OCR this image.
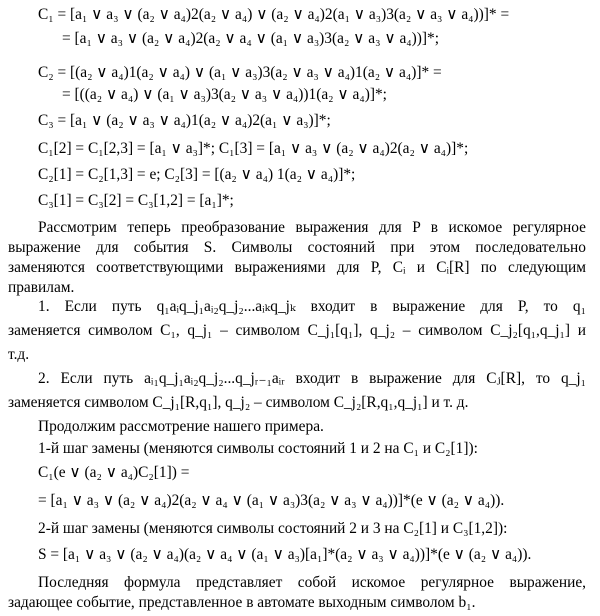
C₁ = [a₁ ∨ a₃ ∨ (a₂ ∨ a₄)2(a₂ ∨ a₄) ∨ (a₂ ∨ a₄)2(a₁ ∨ a₃)3(a₂ ∨ a₃ ∨ a₄))]* =
= [a₁ ∨ a₃ ∨ (a₂ ∨ a₄)2(a₂ ∨ a₄ ∨ (a₁ ∨ a₃)3(a₂ ∨ a₃ ∨ a₄))]*;
C₂ = [(a₂ ∨ a₄)1(a₂ ∨ a₄) ∨ (a₁ ∨ a₃)3(a₂ ∨ a₃ ∨ a₄)1(a₂ ∨ a₄)]* =
= [((a₂ ∨ a₄) ∨ (a₁ ∨ a₃)3(a₂ ∨ a₃ ∨ a₄))1(a₂ ∨ a₄)]*;
C₃ = [a₁ ∨ (a₂ ∨ a₃ ∨ a₄)1(a₂ ∨ a₄)2(a₁ ∨ a₃)]*;
C₁[2] = C₁[2,3] = [a₁ ∨ a₃]*; C₁[3] = [a₁ ∨ a₃ ∨ (a₂ ∨ a₄)2(a₂ ∨ a₄)]*;
C₂[1] = C₂[1,3] = e; C₂[3] = [(a₂ ∨ a₄) 1(a₂ ∨ a₄)]*;
C₃[1] = C₃[2] = C₃[1,2] = [a₁]*;
Рассмотрим теперь преобразование выражения для P в искомое регулярное
выражение для события S. Символы состояний при этом последовательно
заменяются соответствующими выражениями для P, Cᵢ и Cᵢ[R] по следующим
правилам.
1. Если путь q₁aᵢq_j₁aᵢ₂q_j₂...aᵢₖq_jₖ входит в выражение для P, то q₁
заменяется символом C₁, q_j₁ – символом C_j₁[q₁], q_j₂ – символом C_j₂[q₁,q_j₁] и
т.д.
2. Если путь aᵢ₁q_j₁aᵢ₂q_j₂...q_jᵣ₋₁aᵢᵣ входит в выражение для Cⱼ[R], то q_j₁
заменяется символом C_j₁[R,q₁], q_j₂ – символом C_j₂[R,q₁,q_j₁] и т. д.
Продолжим рассмотрение нашего примера.
1-й шаг замены (меняются символы состояний 1 и 2 на C₁ и C₂[1]):
C₁(e ∨ (a₂ ∨ a₄)C₂[1]) =
= [a₁ ∨ a₃ ∨ (a₂ ∨ a₄)2(a₂ ∨ a₄ ∨ (a₁ ∨ a₃)3(a₂ ∨ a₃ ∨ a₄))]*(e ∨ (a₂ ∨ a₄)).
2-й шаг замены (меняются символы состояний 2 и 3 на C₂[1] и C₃[1,2]):
S = [a₁ ∨ a₃ ∨ (a₂ ∨ a₄)(a₂ ∨ a₄ ∨ (a₁ ∨ a₃)[a₁]*(a₂ ∨ a₃ ∨ a₄))]*(e ∨ (a₂ ∨ a₄)).
Последняя формула представляет собой искомое регулярное выражение,
задающее событие, представленное в автомате выходным символом b₁.
